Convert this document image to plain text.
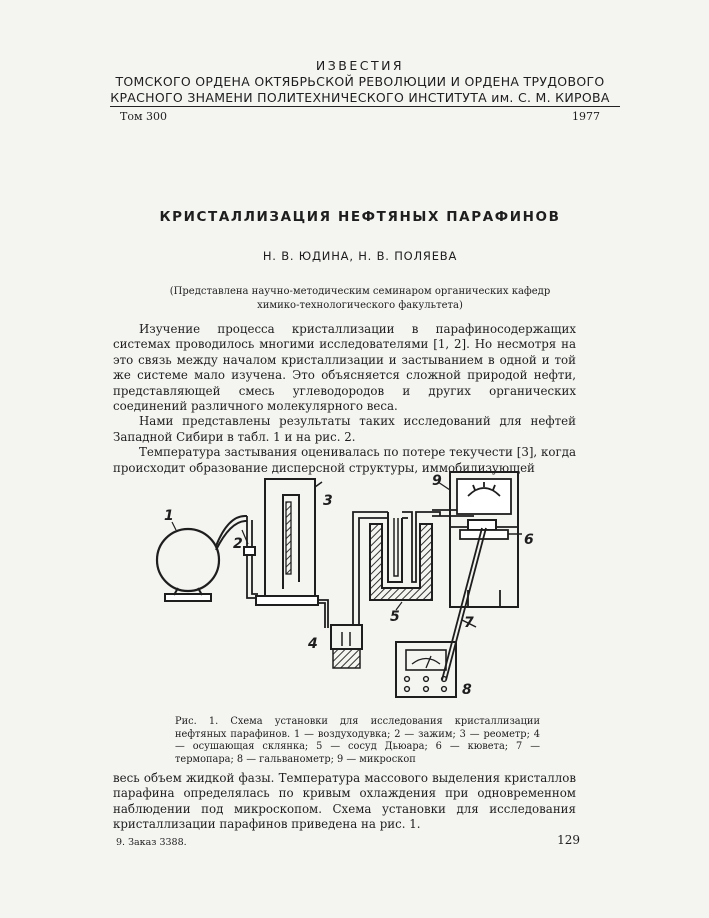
ИЗВЕСТИЯ
ТОМСКОГО ОРДЕНА ОКТЯБРЬСКОЙ РЕВОЛЮЦИИ И ОРДЕНА ТРУДОВОГО
КРАСНОГО ЗНАМЕНИ ПОЛИТЕХНИЧЕСКОГО ИНСТИТУТА им. С. М. КИРОВА
Том 300	1977
КРИСТАЛЛИЗАЦИЯ НЕФТЯНЫХ ПАРАФИНОВ
Н. В. ЮДИНА, Н. В. ПОЛЯЕВА
(Представлена научно-методическим семинаром органических кафедр
химико-технологического факультета)

Изучение процесса кристаллизации в парафиносодержащих системах проводилось многими исследователями [1, 2]. Но несмотря на это связь между началом кристаллизации и застыванием в одной и той же системе мало изучена. Это объясняется сложной природой нефти, представляющей смесь углеводородов и других органических соединений различного молекулярного веса.

Нами представлены результаты таких исследований для нефтей Западной Сибири в табл. 1 и на рис. 2.

Температура застывания оценивалась по потере текучести [3], когда происходит образование дисперсной структуры, иммобилизующей

1
2
3
4
5
6
7
8
9
Рис. 1. Схема установки для исследования кристаллизации нефтяных парафинов. 1 — воздуходувка; 2 — зажим; 3 — реометр; 4 — осушающая склянка; 5 — сосуд Дьюара; 6 — кювета; 7 — термопара; 8 — гальванометр; 9 — микроскоп

весь объем жидкой фазы. Температура массового выделения кристаллов парафина определялась по кривым охлаждения при одновременном наблюдении под микроскопом. Схема установки для исследования кристаллизации парафинов приведена на рис. 1.

9. Заказ 3388.	129
